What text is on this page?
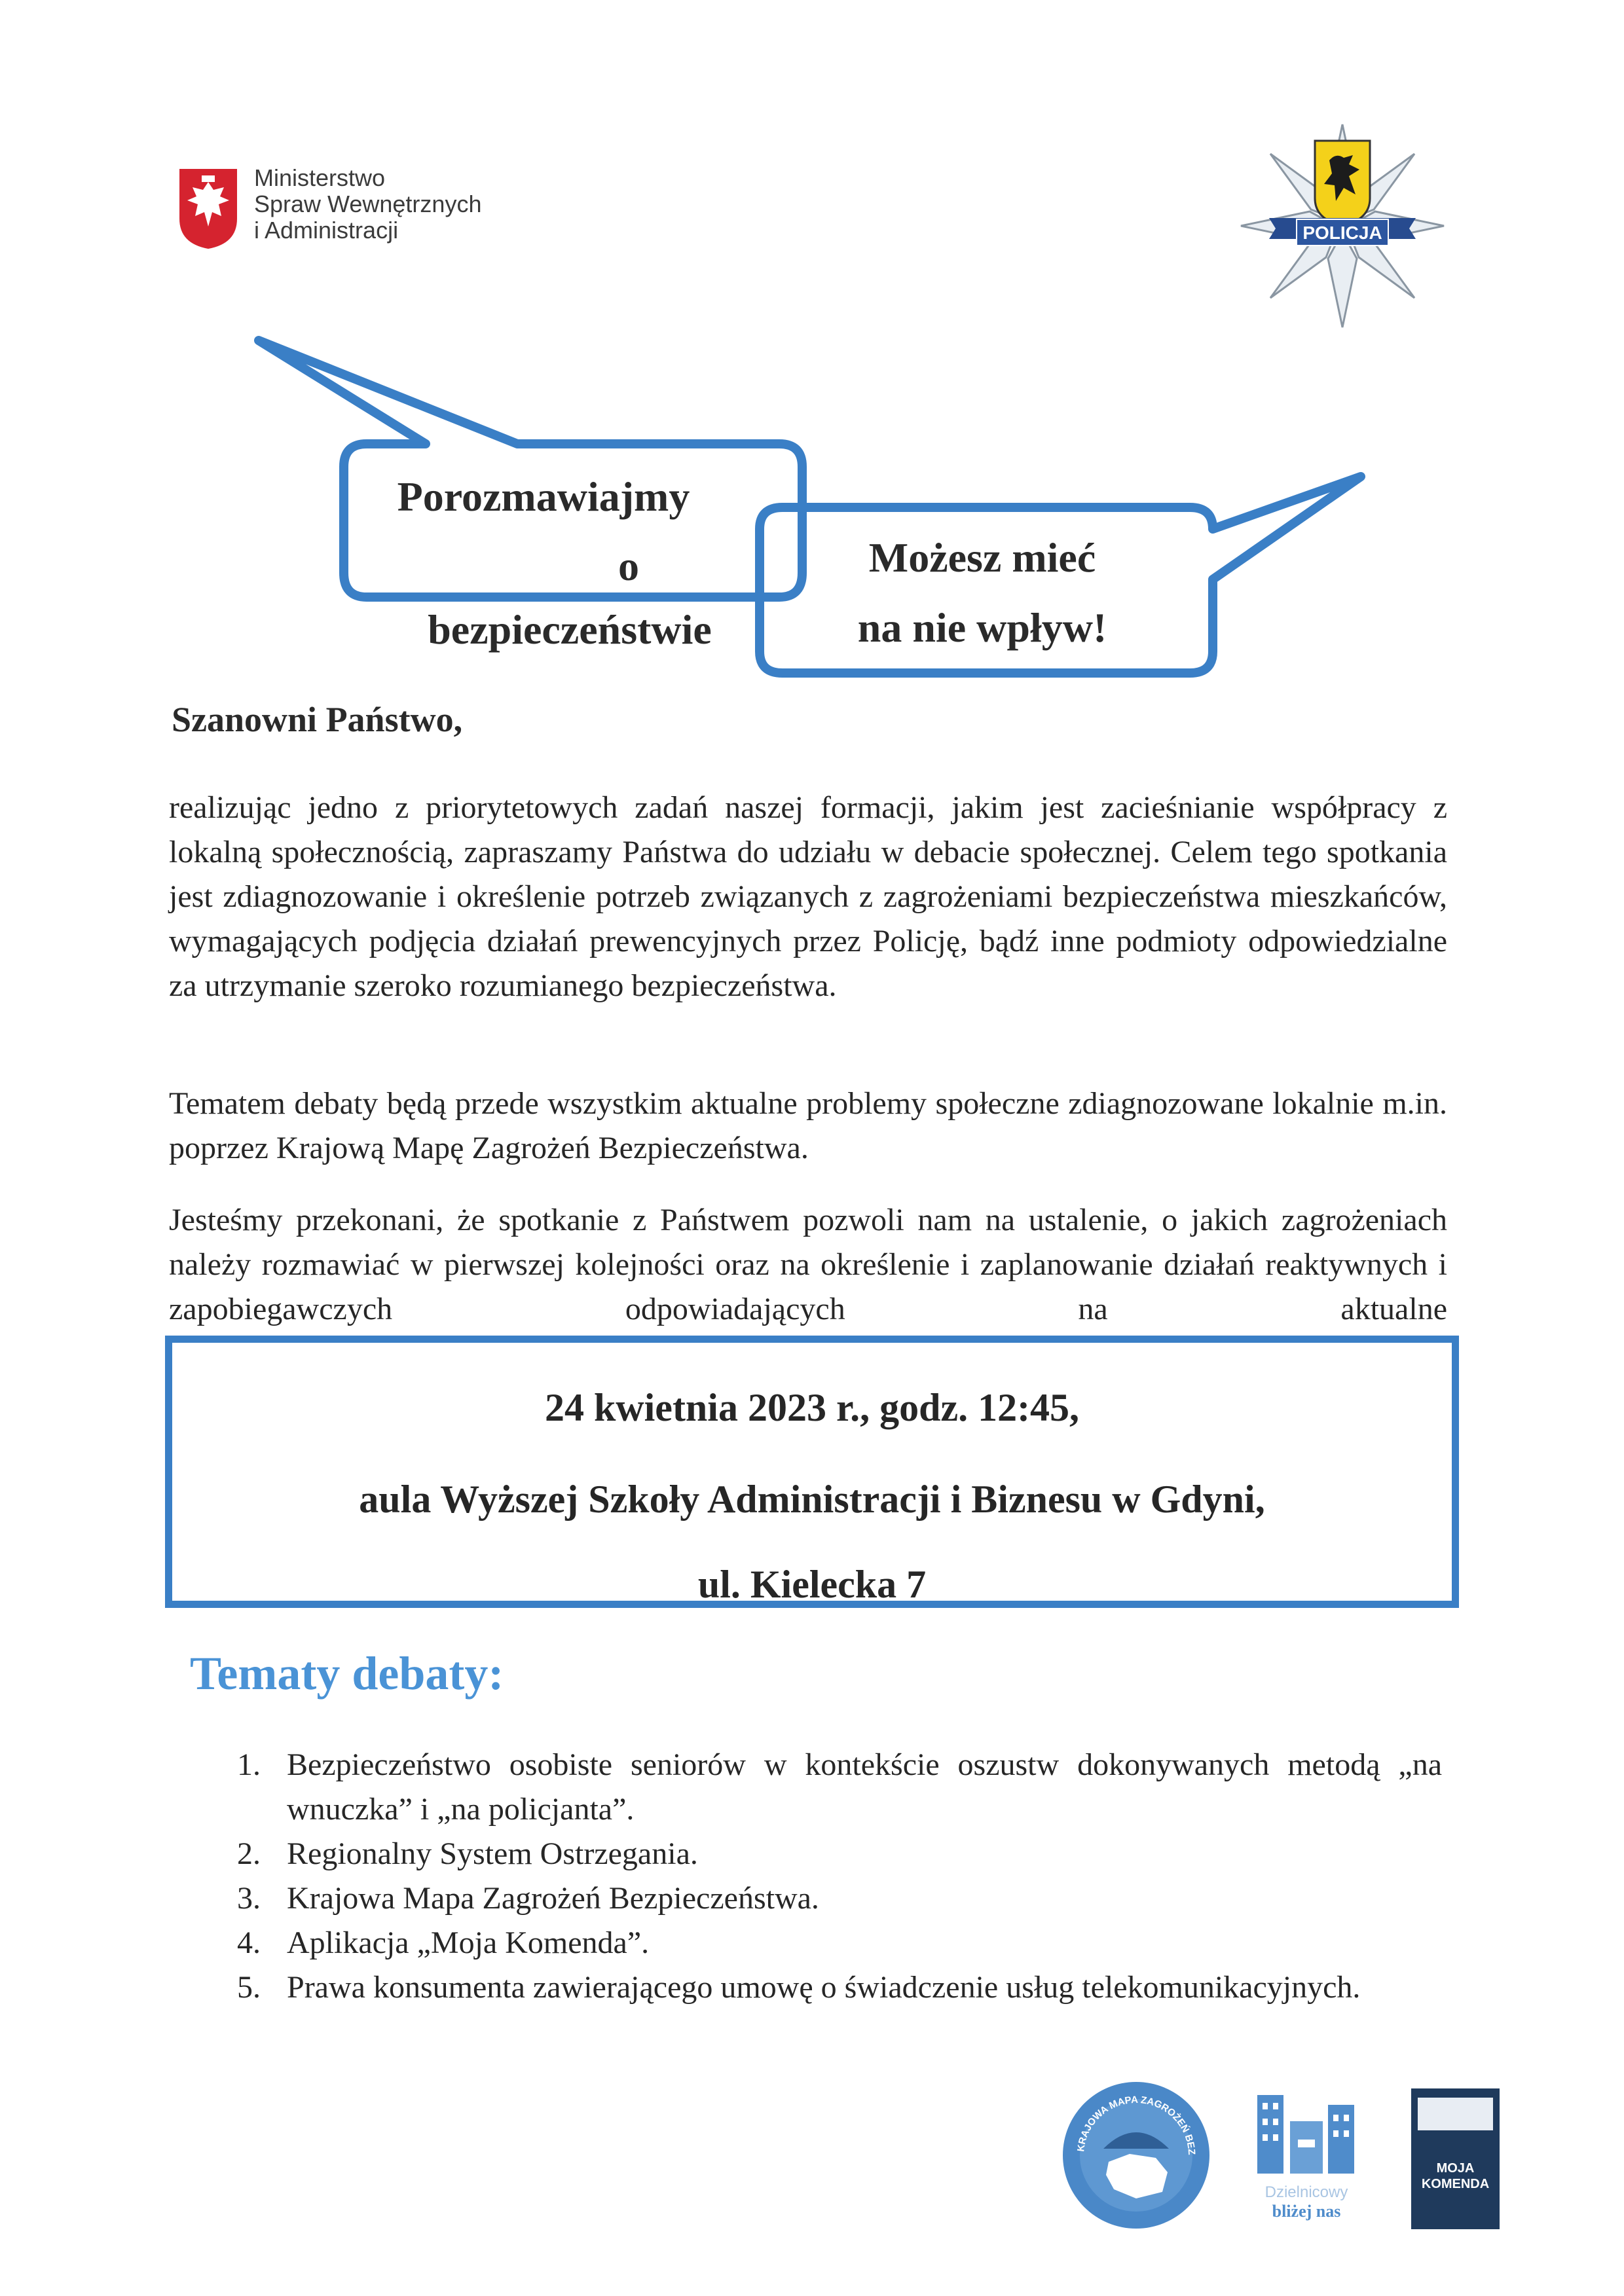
Ministerstwo
Spraw Wewnętrznych
i Administracji	POLICJA
Porozmawiajmy
o
bezpieczeństwie
Możesz mieć
na nie wpływ!
Szanowni Państwo,
realizując jedno z priorytetowych zadań naszej formacji, jakim jest zacieśnianie współpracy z lokalną społecznością, zapraszamy Państwa do udziału w debacie społecznej. Celem tego spotkania jest zdiagnozowanie i określenie potrzeb związanych z zagrożeniami bezpieczeństwa mieszkańców, wymagających podjęcia działań prewencyjnych przez Policję, bądź inne podmioty odpowiedzialne za utrzymanie szeroko rozumianego bezpieczeństwa.
Tematem debaty będą przede wszystkim aktualne problemy społeczne zdiagnozowane lokalnie m.in. poprzez Krajową Mapę Zagrożeń Bezpieczeństwa.
Jesteśmy przekonani, że spotkanie z Państwem pozwoli nam na ustalenie, o jakich zagrożeniach należy rozmawiać w pierwszej kolejności oraz na określenie i zaplanowanie działań reaktywnych i zapobiegawczych odpowiadających na aktualne
24 kwietnia 2023 r., godz. 12:45,
aula Wyższej Szkoły Administracji i Biznesu w Gdyni,
ul. Kielecka 7
Tematy debaty:
1. Bezpieczeństwo osobiste seniorów w kontekście oszustw dokonywanych metodą „na wnuczka” i „na policjanta”.
2. Regionalny System Ostrzegania.
3. Krajowa Mapa Zagrożeń Bezpieczeństwa.
4. Aplikacja „Moja Komenda”.
5. Prawa konsumenta zawierającego umowę o świadczenie usług telekomunikacyjnych.
KRAJOWA MAPA ZAGROŻEŃ BEZ
Dzielnicowy
bliżej nas
MOJA
KOMENDA
